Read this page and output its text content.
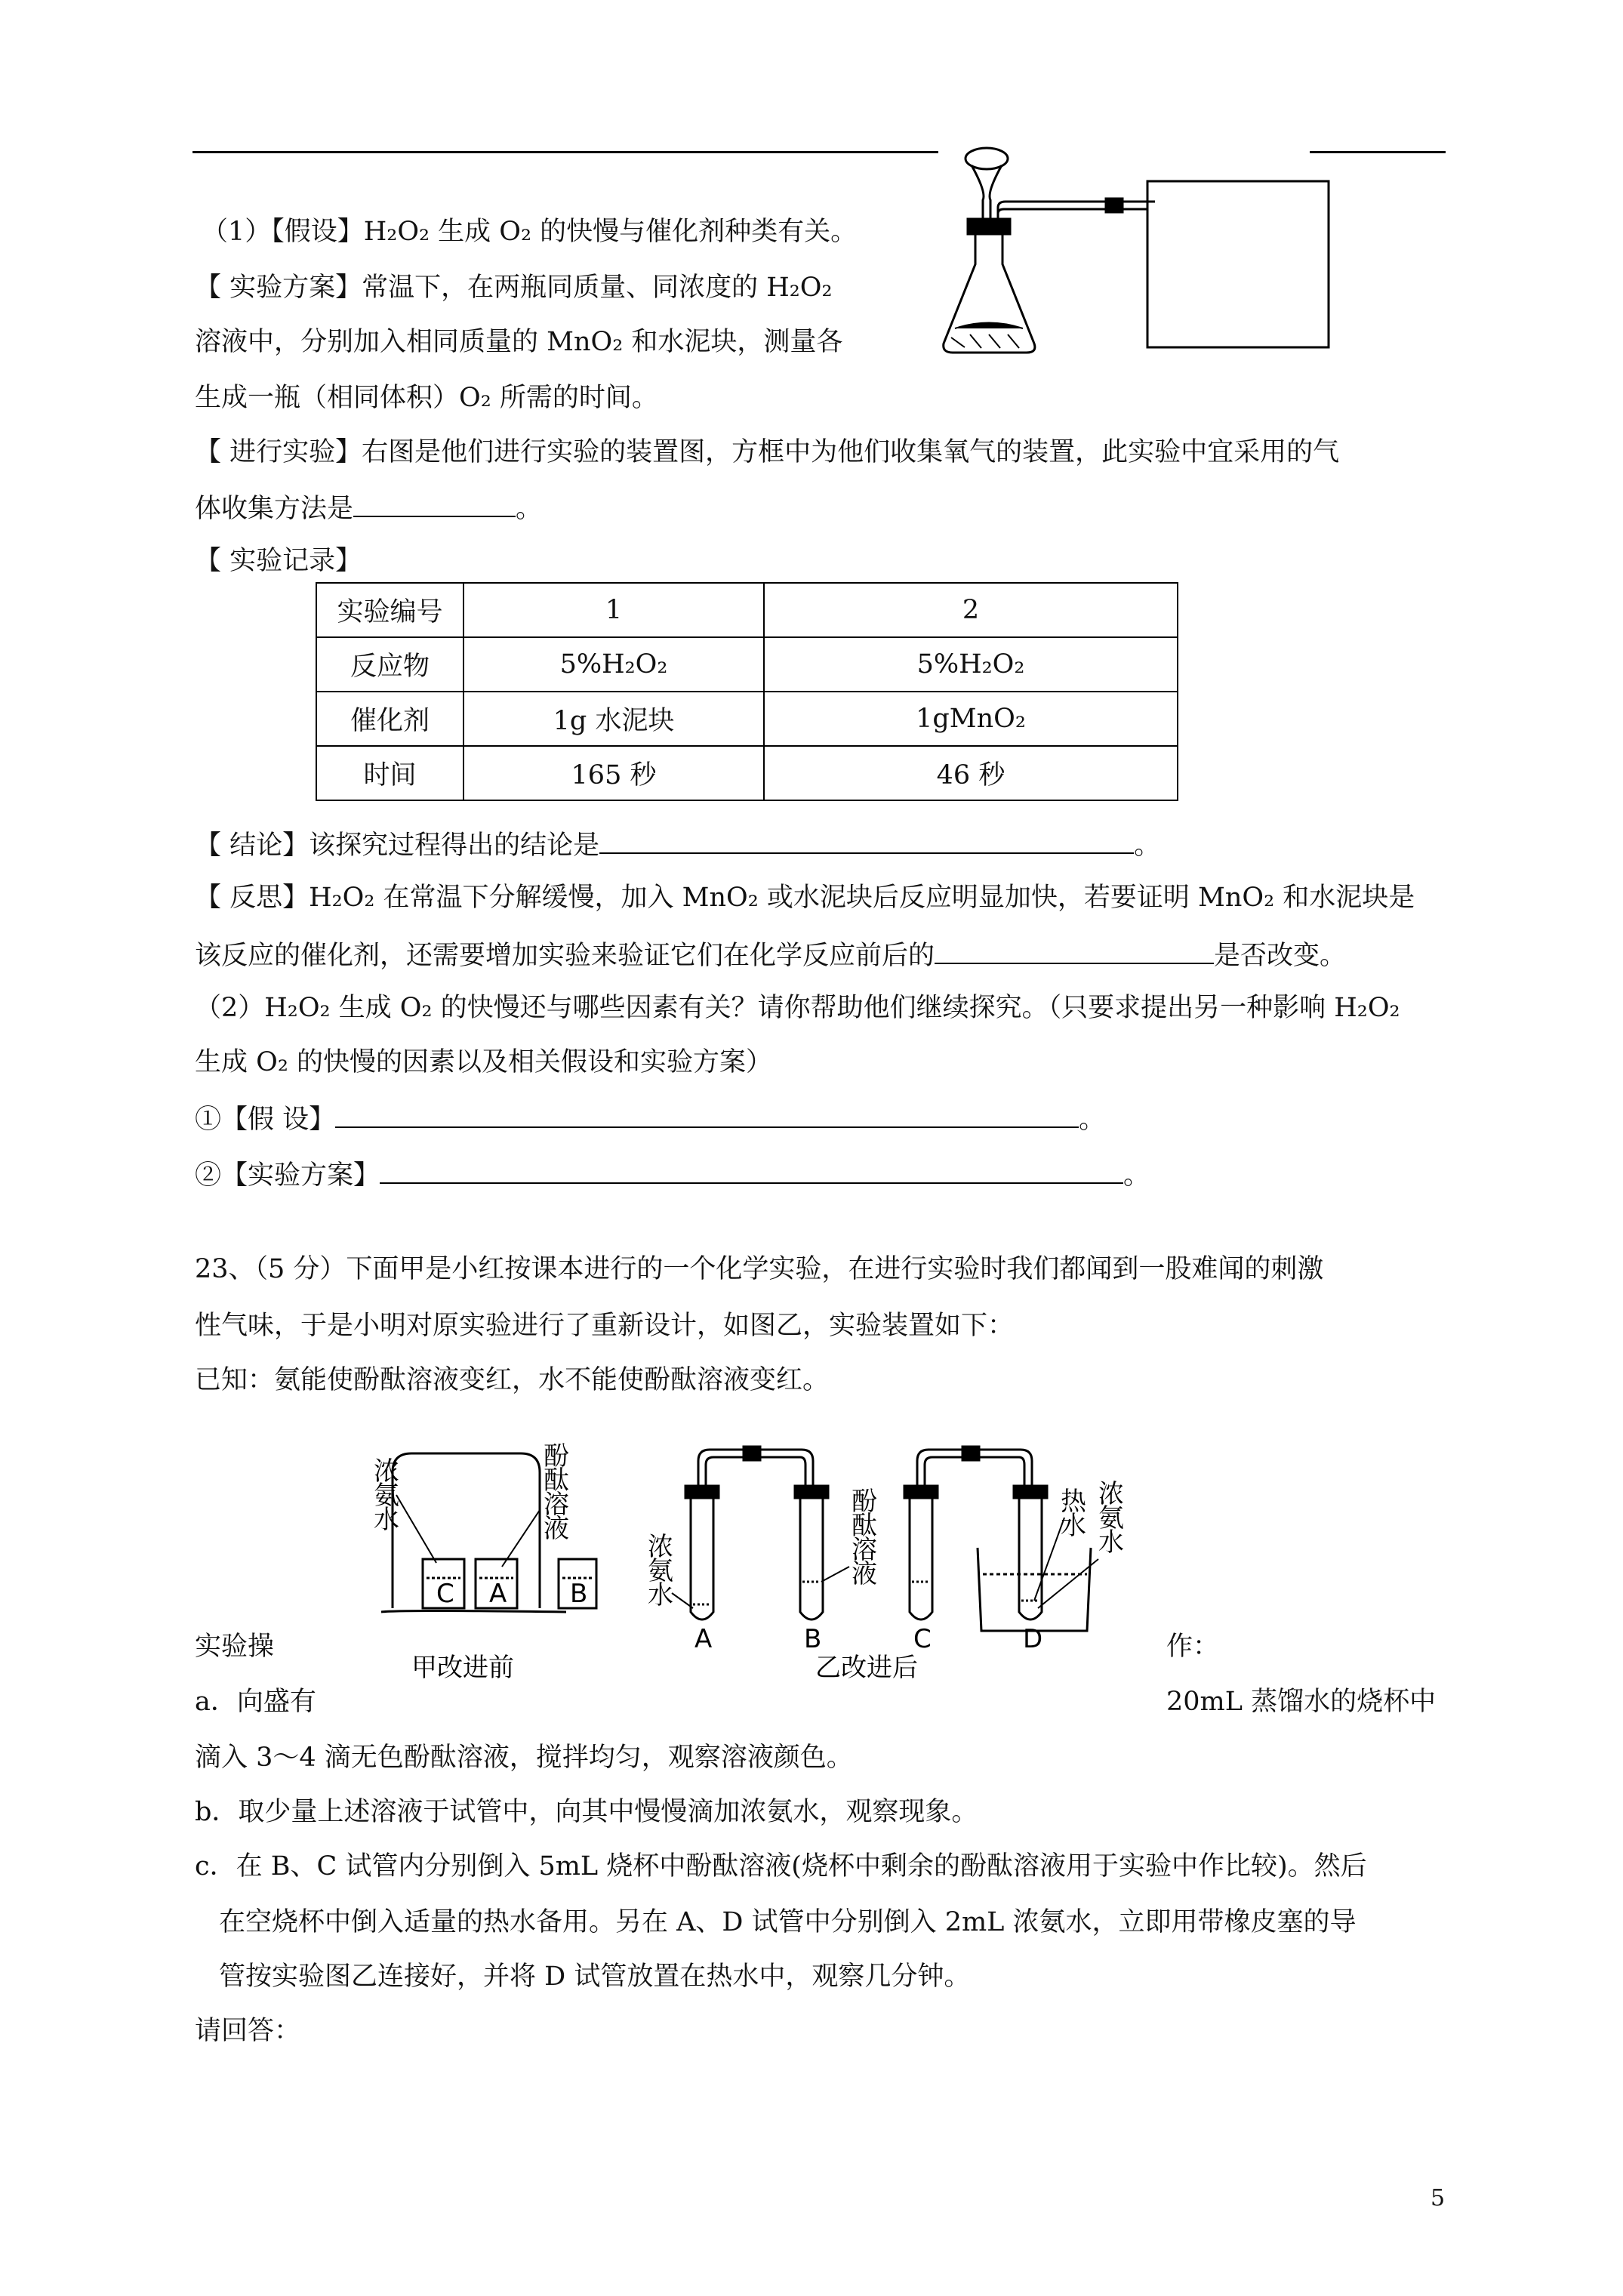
（1）【假设】H₂O₂ 生成 O₂ 的快慢与催化剂种类有关。
【 实验方案】常温下，在两瓶同质量、同浓度的 H₂O₂
溶液中，分别加入相同质量的 MnO₂ 和水泥块，测量各
生成一瓶（相同体积）O₂ 所需的时间。
【 进行实验】右图是他们进行实验的装置图，方框中为他们收集氧气的装置，此实验中宜采用的气
体收集方法是	。
【 实验记录】
实验编号	1	2
反应物	5%H₂O₂	5%H₂O₂
催化剂	1g 水泥块	1gMnO₂
时间	165 秒	46 秒
【 结论】该探究过程得出的结论是	。
【 反思】H₂O₂ 在常温下分解缓慢，加入 MnO₂ 或水泥块后反应明显加快，若要证明 MnO₂ 和水泥块是
该反应的催化剂，还需要增加实验来验证它们在化学反应前后的	是否改变。
（2）H₂O₂ 生成 O₂ 的快慢还与哪些因素有关？请你帮助他们继续探究。（只要求提出另一种影响 H₂O₂
生成 O₂ 的快慢的因素以及相关假设和实验方案）
①【假 设】	。
②【实验方案】	。
23、（5 分）下面甲是小红按课本进行的一个化学实验，在进行实验时我们都闻到一股难闻的刺激
性气味，于是小明对原实验进行了重新设计，如图乙，实验装置如下：
已知：氨能使酚酞溶液变红，水不能使酚酞溶液变红。
浓
氨
水
酚
酞
溶
液
C A B
甲改进前	乙改进后
A	B	C	D
浓
氨
水
酚
酞
溶
液
热
水
浓
氨
水
实验操	作：
a．向盛有	20mL 蒸馏水的烧杯中
滴入 3～4 滴无色酚酞溶液，搅拌均匀，观察溶液颜色。
b．取少量上述溶液于试管中，向其中慢慢滴加浓氨水，观察现象。
c．在 B、C 试管内分别倒入 5mL 烧杯中酚酞溶液(烧杯中剩余的酚酞溶液用于实验中作比较)。然后
在空烧杯中倒入适量的热水备用。另在 A、D 试管中分别倒入 2mL 浓氨水，立即用带橡皮塞的导
管按实验图乙连接好，并将 D 试管放置在热水中，观察几分钟。
请回答：
5
